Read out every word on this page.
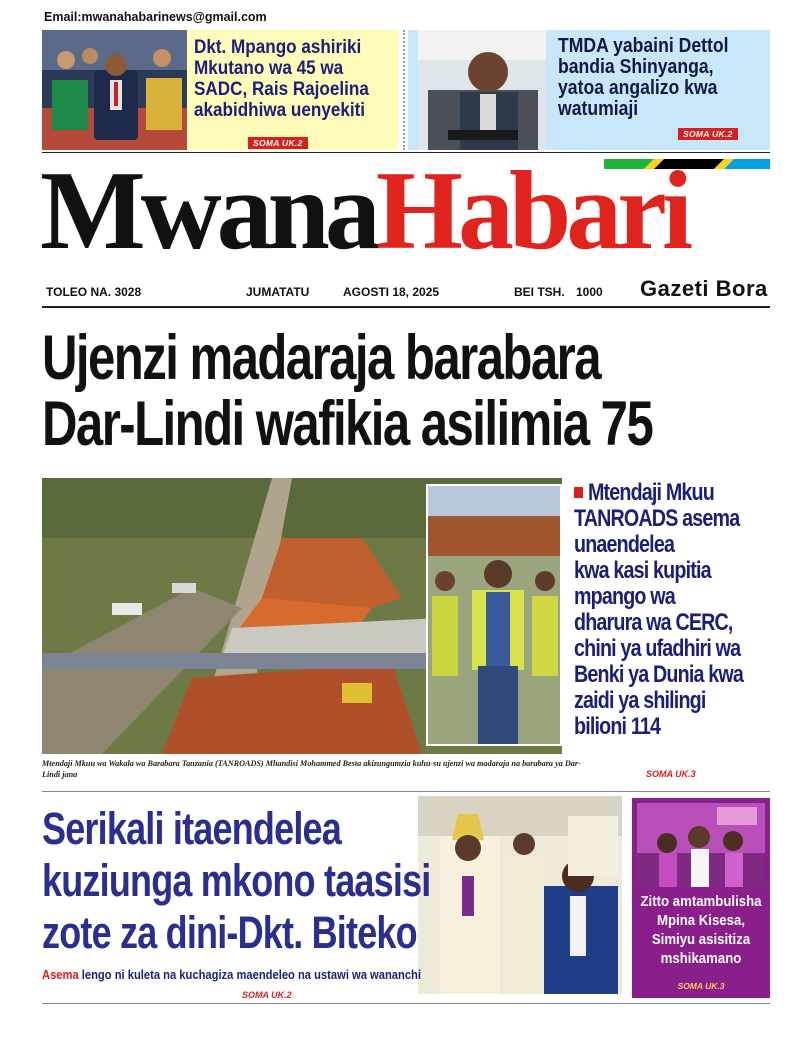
Email:mwanahabarinews@gmail.com
Dkt. Mpango ashiriki
Mkutano wa 45 wa
SADC, Rais Rajoelina
akabidhiwa uenyekiti
SOMA UK.2
TMDA yabaini Dettol
bandia Shinyanga,
yatoa angalizo kwa
watumiaji
SOMA UK.2
MwanaHabari
TOLEO NA. 3028	JUMATATU	AGOSTI 18, 2025	BEI TSH. 1000 Gazeti Bora
Ujenzi madaraja barabara
Dar-Lindi wafikia asilimia 75
Mtendaji Mkuu wa Wakala wa Barabara Tanzania (TANROADS) Mhandisi Mohammed Besta akizungumzia kuhu-su ujenzi wa madaraja na barabara ya Dar- Lindi jana
Mtendaji Mkuu
TANROADS asema
unaendelea
kwa kasi kupitia
mpango wa
dharura wa CERC,
chini ya ufadhiri wa
Benki ya Dunia kwa
zaidi ya shilingi
bilioni 114
SOMA UK.3
Serikali itaendelea
kuziunga mkono taasisi
zote za dini-Dkt. Biteko
Asema lengo ni kuleta na kuchagiza maendeleo na ustawi wa wananchi
SOMA UK.2
Zitto amtambulisha
Mpina Kisesa,
Simiyu asisitiza
mshikamano
SOMA UK.3
